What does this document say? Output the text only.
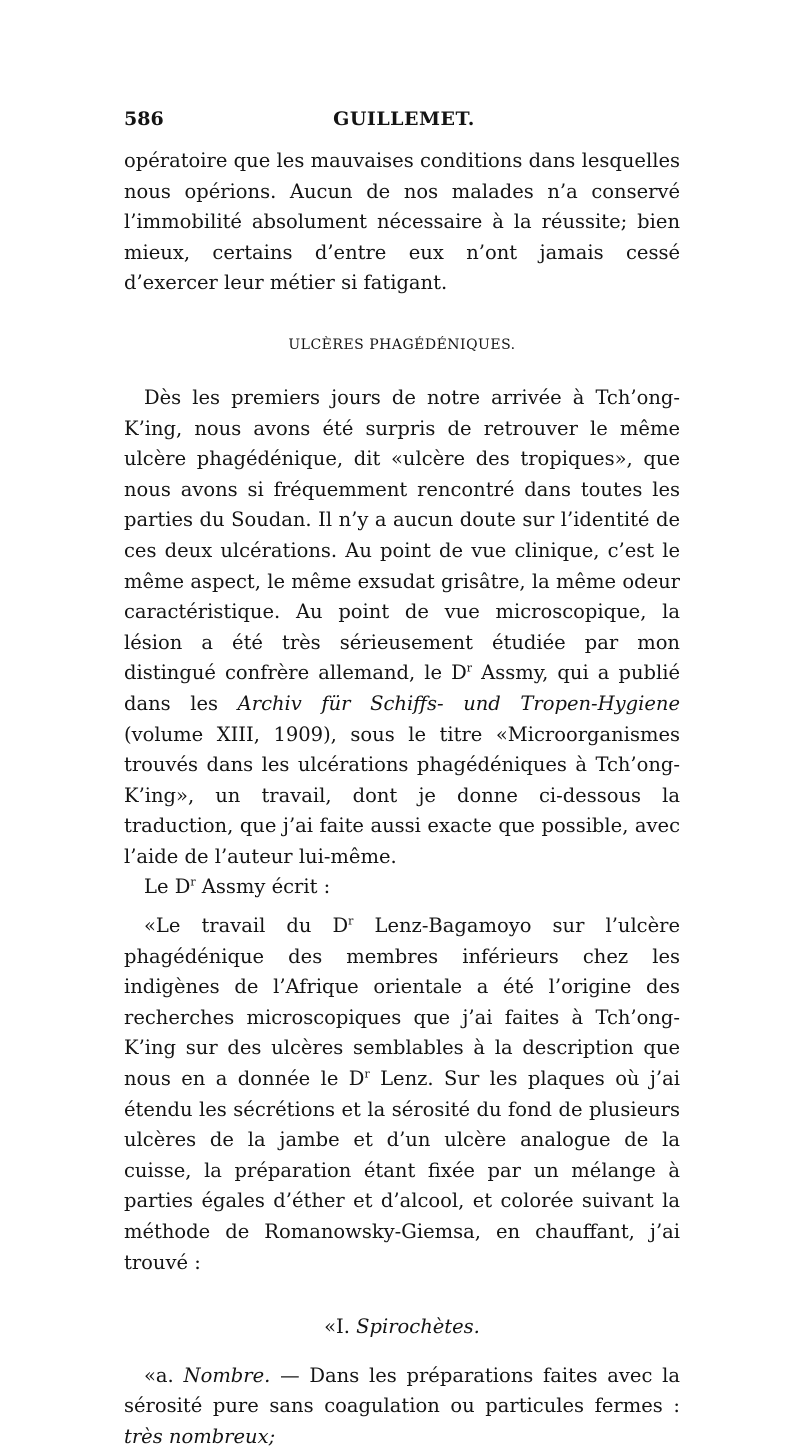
586	GUILLEMET.

opératoire que les mauvaises conditions dans lesquelles nous opérions. Aucun de nos malades n’a conservé l’immobilité absolument nécessaire à la réussite; bien mieux, certains d’entre eux n’ont jamais cessé d’exercer leur métier si fatigant.

ULCÈRES PHAGÉDÉNIQUES.

Dès les premiers jours de notre arrivée à Tch’ong-K’ing, nous avons été surpris de retrouver le même ulcère phagédénique, dit «ulcère des tropiques», que nous avons si fréquemment rencontré dans toutes les parties du Soudan. Il n’y a aucun doute sur l’identité de ces deux ulcérations. Au point de vue clinique, c’est le même aspect, le même exsudat grisâtre, la même odeur caractéristique. Au point de vue microscopique, la lésion a été très sérieusement étudiée par mon distingué confrère allemand, le $D^r$ Assmy, qui a publié dans les Archiv für Schiffs- und Tropen-Hygiene (volume XIII, 1909), sous le titre «Microorganismes trouvés dans les ulcérations phagédéniques à Tch’ong-K’ing», un travail, dont je donne ci-dessous la traduction, que j’ai faite aussi exacte que possible, avec l’aide de l’auteur lui-même.

Le $D^r$ Assmy écrit :

«Le travail du $D^r$ Lenz-Bagamoyo sur l’ulcère phagédénique des membres inférieurs chez les indigènes de l’Afrique orientale a été l’origine des recherches microscopiques que j’ai faites à Tch’ong-K’ing sur des ulcères semblables à la description que nous en a donnée le $D^r$ Lenz. Sur les plaques où j’ai étendu les sécrétions et la sérosité du fond de plusieurs ulcères de la jambe et d’un ulcère analogue de la cuisse, la préparation étant fixée par un mélange à parties égales d’éther et d’alcool, et colorée suivant la méthode de Romanowsky-Giemsa, en chauffant, j’ai trouvé :

«I. Spirochètes.

«a. Nombre. — Dans les préparations faites avec la sérosité pure sans coagulation ou particules fermes : très nombreux;
